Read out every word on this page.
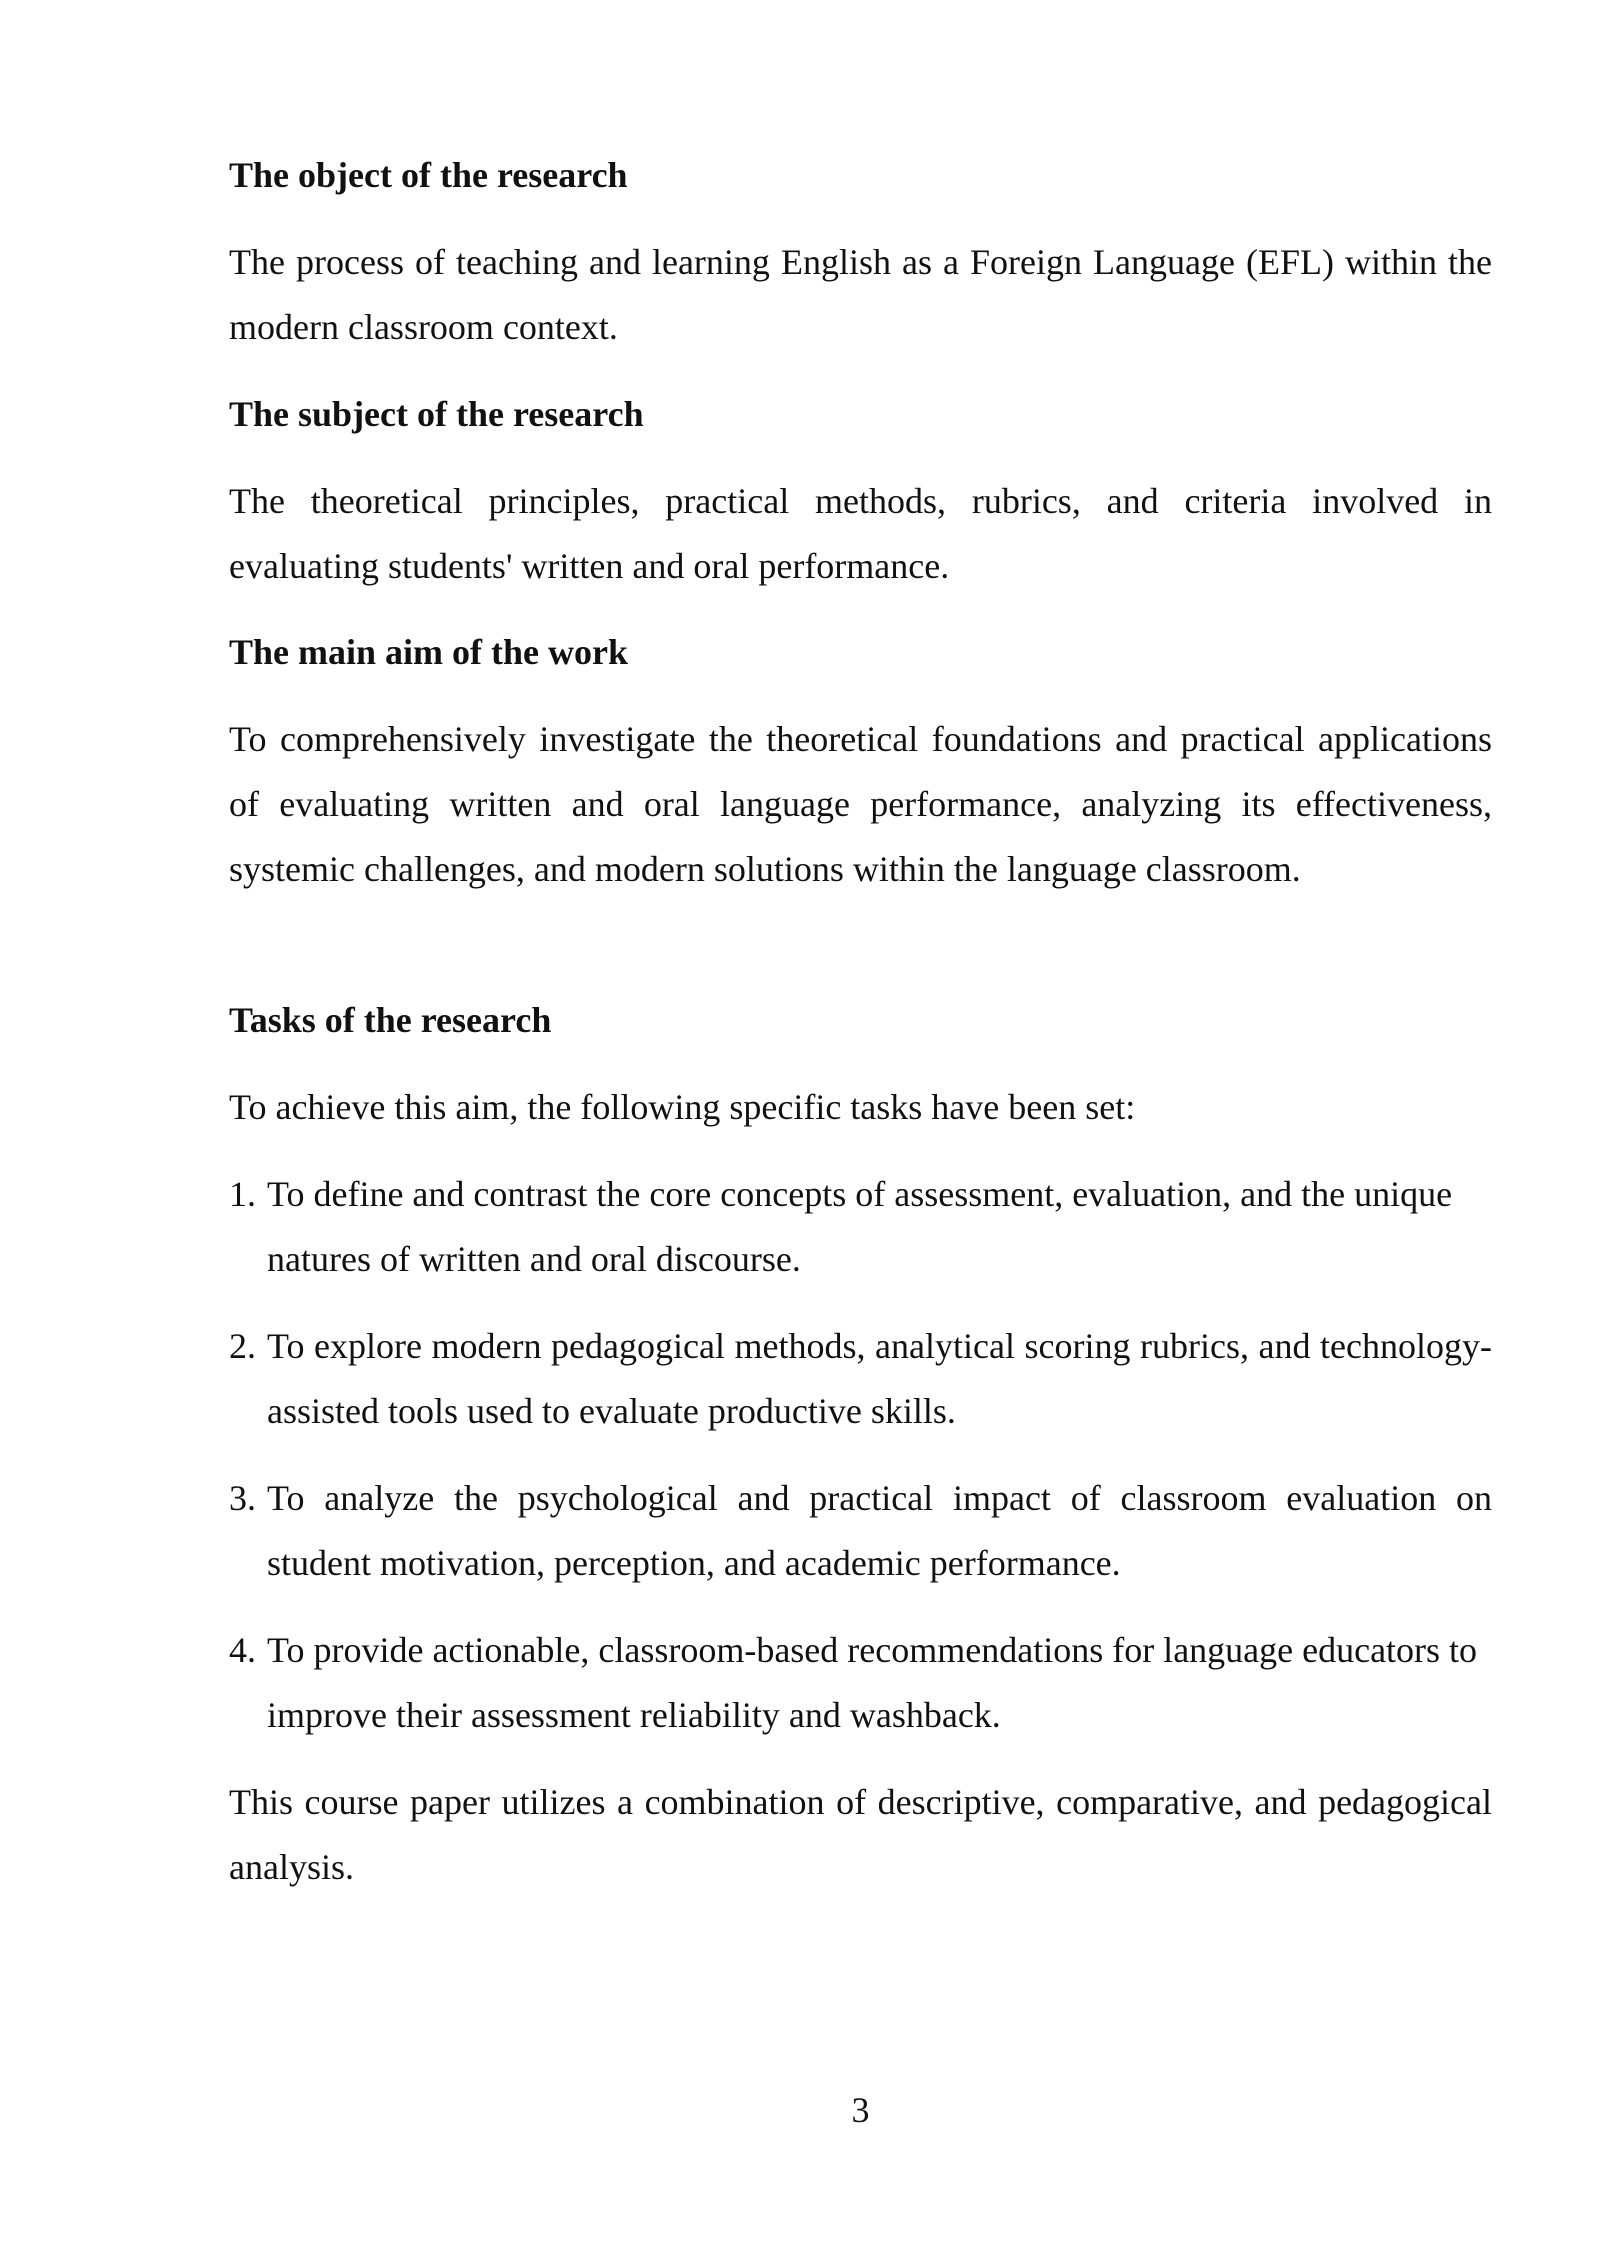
The object of the research

The process of teaching and learning English as a Foreign Language (EFL) within the modern classroom context.

The subject of the research

The theoretical principles, practical methods, rubrics, and criteria involved in evaluating students' written and oral performance.

The main aim of the work

To comprehensively investigate the theoretical foundations and practical applications of evaluating written and oral language performance, analyzing its effectiveness, systemic challenges, and modern solutions within the language classroom.

Tasks of the research

To achieve this aim, the following specific tasks have been set:

1. To define and contrast the core concepts of assessment, evaluation, and the unique natures of written and oral discourse.
2. To explore modern pedagogical methods, analytical scoring rubrics, and technology-assisted tools used to evaluate productive skills.
3. To analyze the psychological and practical impact of classroom evaluation on student motivation, perception, and academic performance.
4. To provide actionable, classroom-based recommendations for language educators to improve their assessment reliability and washback.

This course paper utilizes a combination of descriptive, comparative, and pedagogical analysis.

3
